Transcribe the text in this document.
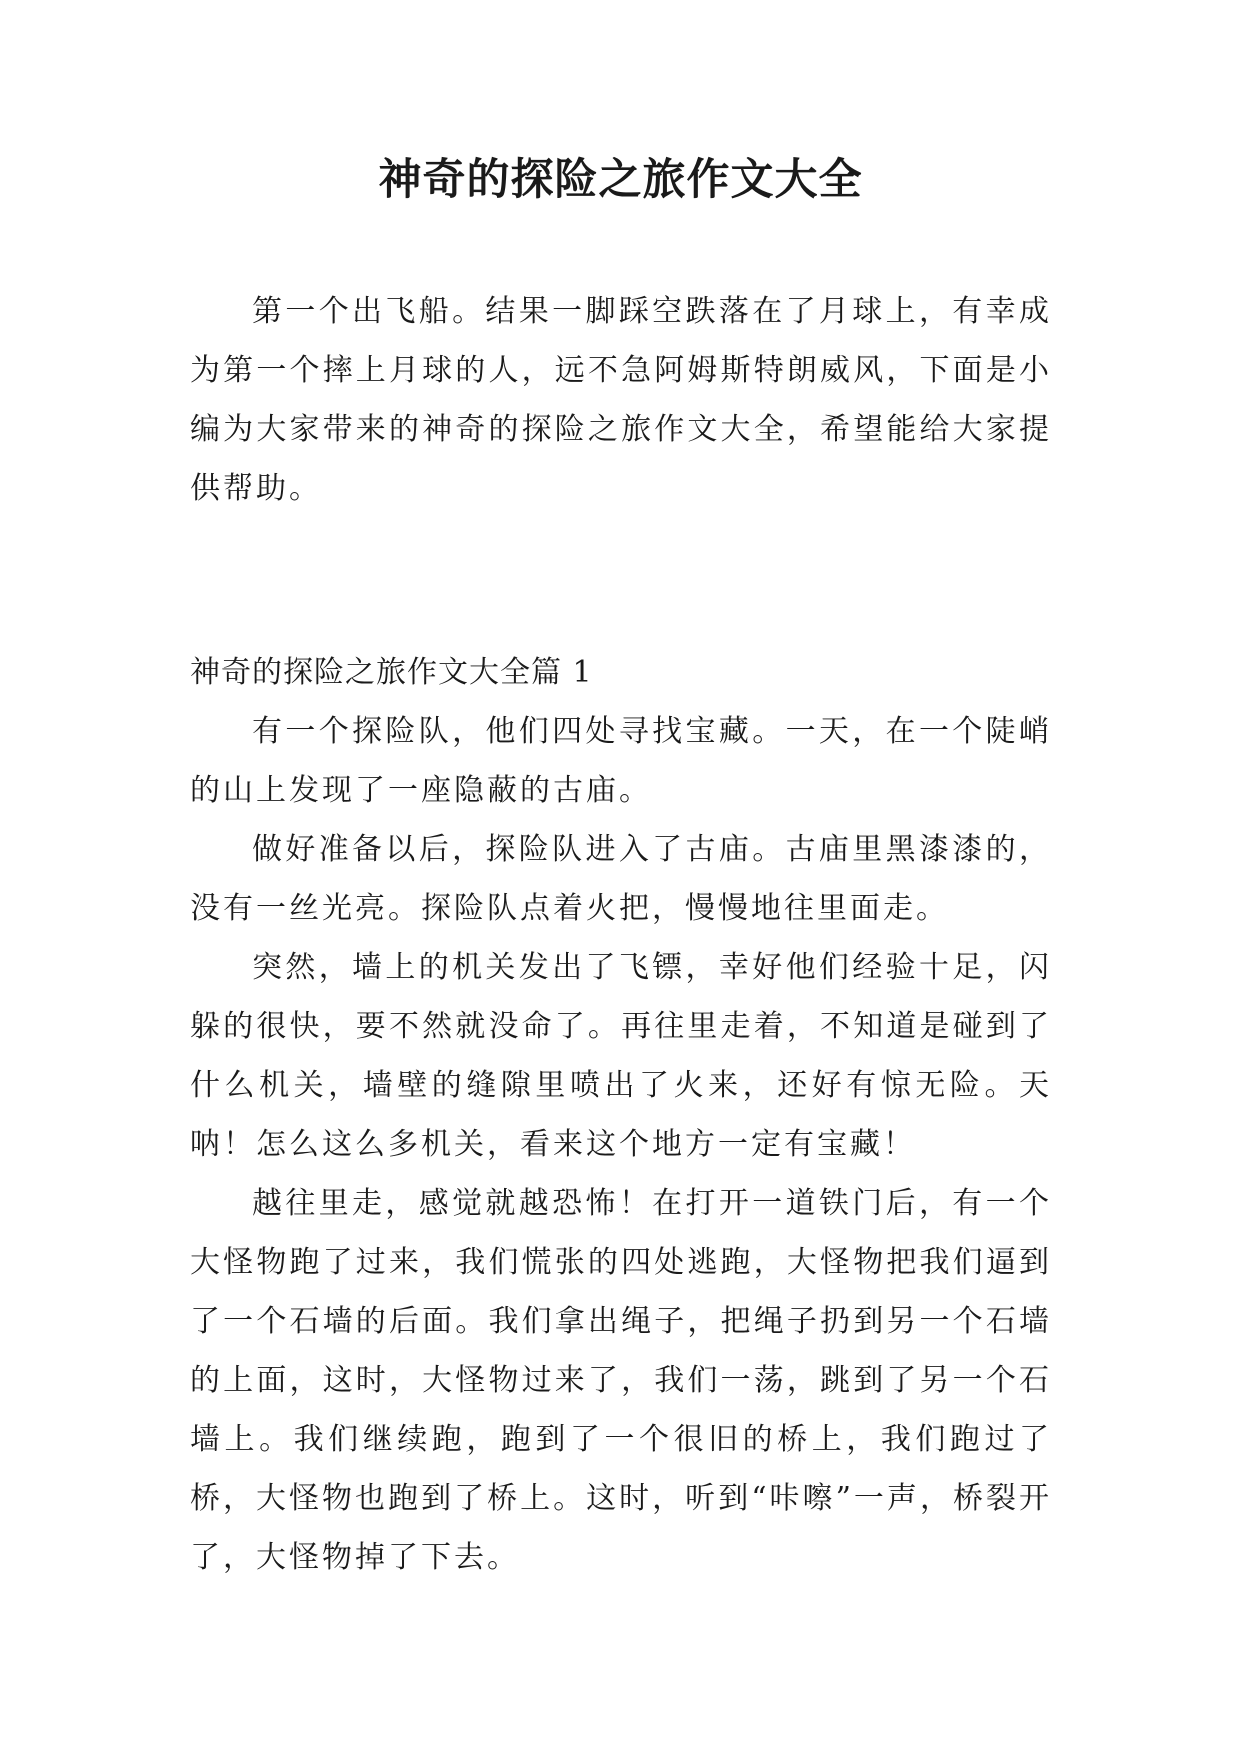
神奇的探险之旅作文大全

第一个出飞船。结果一脚踩空跌落在了月球上，有幸成为第一个摔上月球的人，远不急阿姆斯特朗威风，下面是小编为大家带来的神奇的探险之旅作文大全，希望能给大家提供帮助。

神奇的探险之旅作文大全篇 1

有一个探险队，他们四处寻找宝藏。一天，在一个陡峭的山上发现了一座隐蔽的古庙。

做好准备以后，探险队进入了古庙。古庙里黑漆漆的，没有一丝光亮。探险队点着火把，慢慢地往里面走。

突然，墙上的机关发出了飞镖，幸好他们经验十足，闪躲的很快，要不然就没命了。再往里走着，不知道是碰到了什么机关，墙壁的缝隙里喷出了火来，还好有惊无险。天呐！怎么这么多机关，看来这个地方一定有宝藏！

越往里走，感觉就越恐怖！在打开一道铁门后，有一个大怪物跑了过来，我们慌张的四处逃跑，大怪物把我们逼到了一个石墙的后面。我们拿出绳子，把绳子扔到另一个石墙的上面，这时，大怪物过来了，我们一荡，跳到了另一个石墙上。我们继续跑，跑到了一个很旧的桥上，我们跑过了桥，大怪物也跑到了桥上。这时，听到“咔嚓”一声，桥裂开了，大怪物掉了下去。
